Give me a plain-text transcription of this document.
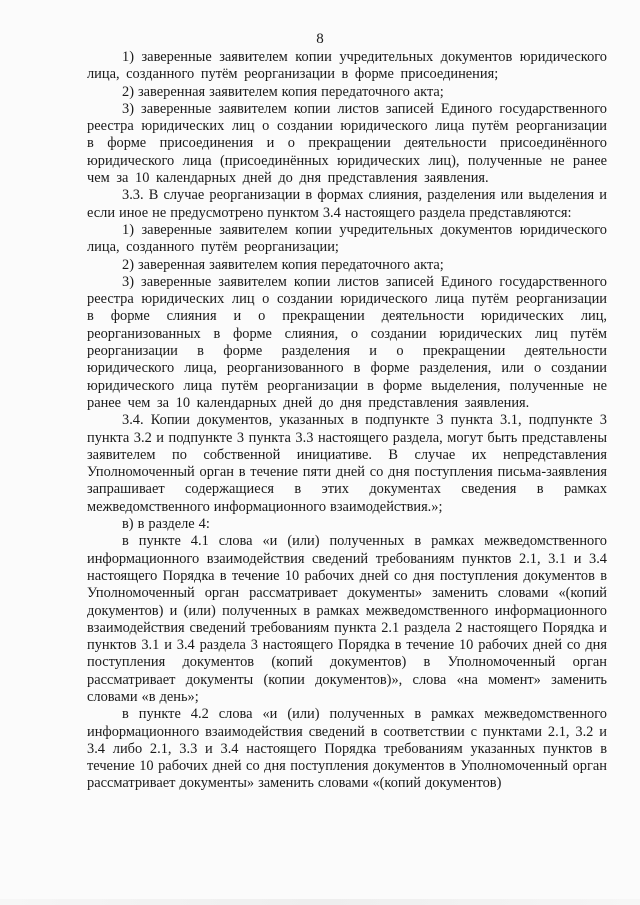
8

1) заверенные заявителем копии учредительных документов юридического лица, созданного путём реорганизации в форме присоединения;

2) заверенная заявителем копия передаточного акта;

3) заверенные заявителем копии листов записей Единого государственного реестра юридических лиц о создании юридического лица путём реорганизации в форме присоединения и о прекращении деятельности присоединённого юридического лица (присоединённых юридических лиц), полученные не ранее чем за 10 календарных дней до дня представления заявления.

3.3. В случае реорганизации в формах слияния, разделения или выделения и если иное не предусмотрено пунктом 3.4 настоящего раздела представляются:

1) заверенные заявителем копии учредительных документов юридического лица, созданного путём реорганизации;

2) заверенная заявителем копия передаточного акта;

3) заверенные заявителем копии листов записей Единого государственного реестра юридических лиц о создании юридического лица путём реорганизации в форме слияния и о прекращении деятельности юридических лиц, реорганизованных в форме слияния, о создании юридических лиц путём реорганизации в форме разделения и о прекращении деятельности юридического лица, реорганизованного в форме разделения, или о создании юридического лица путём реорганизации в форме выделения, полученные не ранее чем за 10 календарных дней до дня представления заявления.

3.4. Копии документов, указанных в подпункте 3 пункта 3.1, подпункте 3 пункта 3.2 и подпункте 3 пункта 3.3 настоящего раздела, могут быть представлены заявителем по собственной инициативе. В случае их непредставления Уполномоченный орган в течение пяти дней со дня поступления письма-заявления запрашивает содержащиеся в этих документах сведения в рамках межведомственного информационного взаимодействия.»;

в) в разделе 4:

в пункте 4.1 слова «и (или) полученных в рамках межведомственного информационного взаимодействия сведений требованиям пунктов 2.1, 3.1 и 3.4 настоящего Порядка в течение 10 рабочих дней со дня поступления документов в Уполномоченный орган рассматривает документы» заменить словами «(копий документов) и (или) полученных в рамках межведомственного информационного взаимодействия сведений требованиям пункта 2.1 раздела 2 настоящего Порядка и пунктов 3.1 и 3.4 раздела 3 настоящего Порядка в течение 10 рабочих дней со дня поступления документов (копий документов) в Уполномоченный орган рассматривает документы (копии документов)», слова «на момент» заменить словами «в день»;

в пункте 4.2 слова «и (или) полученных в рамках межведомственного информационного взаимодействия сведений в соответствии с пунктами 2.1, 3.2 и 3.4 либо 2.1, 3.3 и 3.4 настоящего Порядка требованиям указанных пунктов в течение 10 рабочих дней со дня поступления документов в Уполномоченный орган рассматривает документы» заменить словами «(копий документов)
